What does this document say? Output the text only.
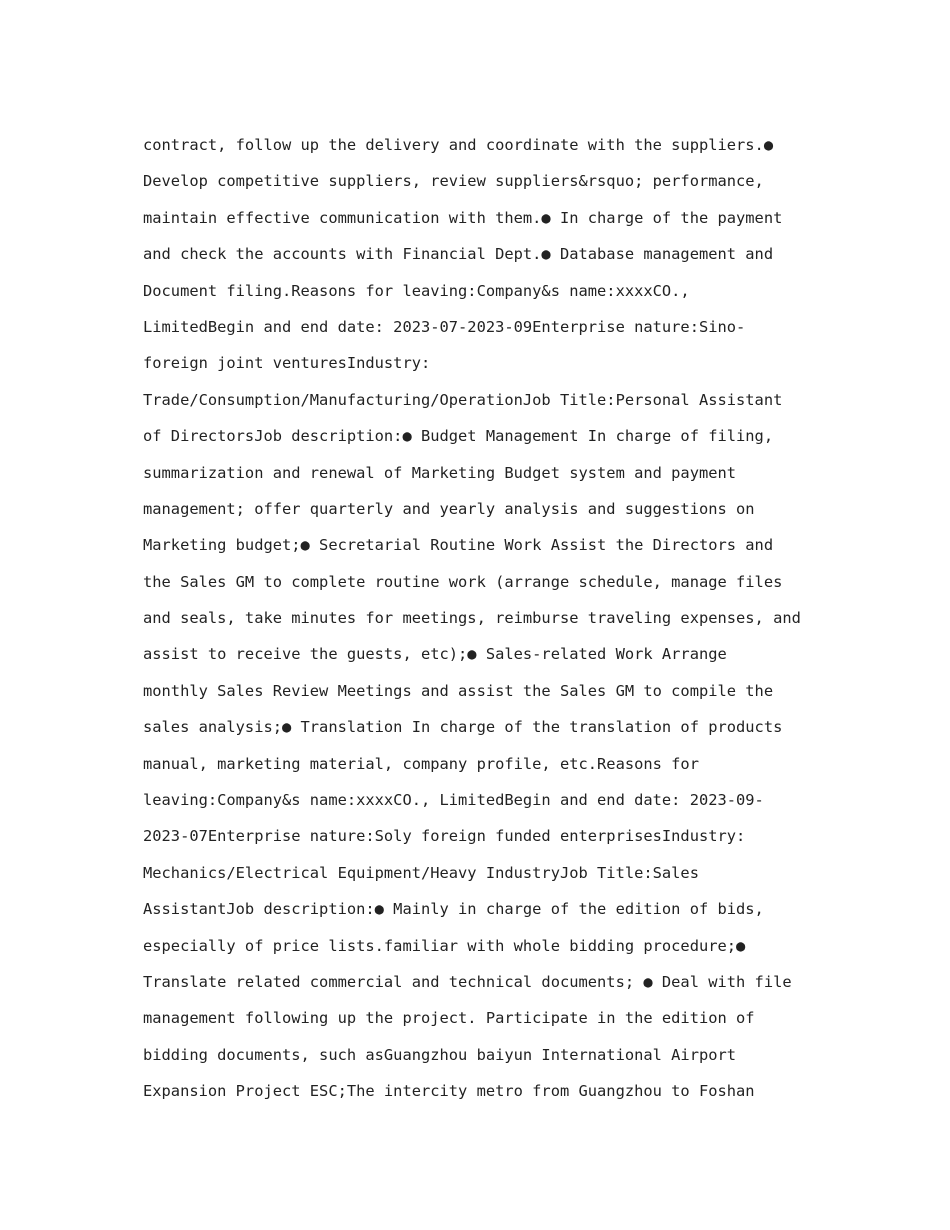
contract, follow up the delivery and coordinate with the suppliers.●
Develop competitive suppliers, review suppliers&rsquo; performance,
maintain effective communication with them.● In charge of the payment
and check the accounts with Financial Dept.● Database management and
Document filing.Reasons for leaving:Company&s name:xxxxCO.,
LimitedBegin and end date: 2023-07-2023-09Enterprise nature:Sino-
foreign joint venturesIndustry:
Trade/Consumption/Manufacturing/OperationJob Title:Personal Assistant
of DirectorsJob description:● Budget Management In charge of filing,
summarization and renewal of Marketing Budget system and payment
management; offer quarterly and yearly analysis and suggestions on
Marketing budget;● Secretarial Routine Work Assist the Directors and
the Sales GM to complete routine work (arrange schedule, manage files
and seals, take minutes for meetings, reimburse traveling expenses, and
assist to receive the guests, etc);● Sales-related Work Arrange
monthly Sales Review Meetings and assist the Sales GM to compile the
sales analysis;● Translation In charge of the translation of products
manual, marketing material, company profile, etc.Reasons for
leaving:Company&s name:xxxxCO., LimitedBegin and end date: 2023-09-
2023-07Enterprise nature:Soly foreign funded enterprisesIndustry:
Mechanics/Electrical Equipment/Heavy IndustryJob Title:Sales
AssistantJob description:● Mainly in charge of the edition of bids,
especially of price lists.familiar with whole bidding procedure;●
Translate related commercial and technical documents; ● Deal with file
management following up the project. Participate in the edition of
bidding documents, such asGuangzhou baiyun International Airport
Expansion Project ESC;The intercity metro from Guangzhou to Foshan
